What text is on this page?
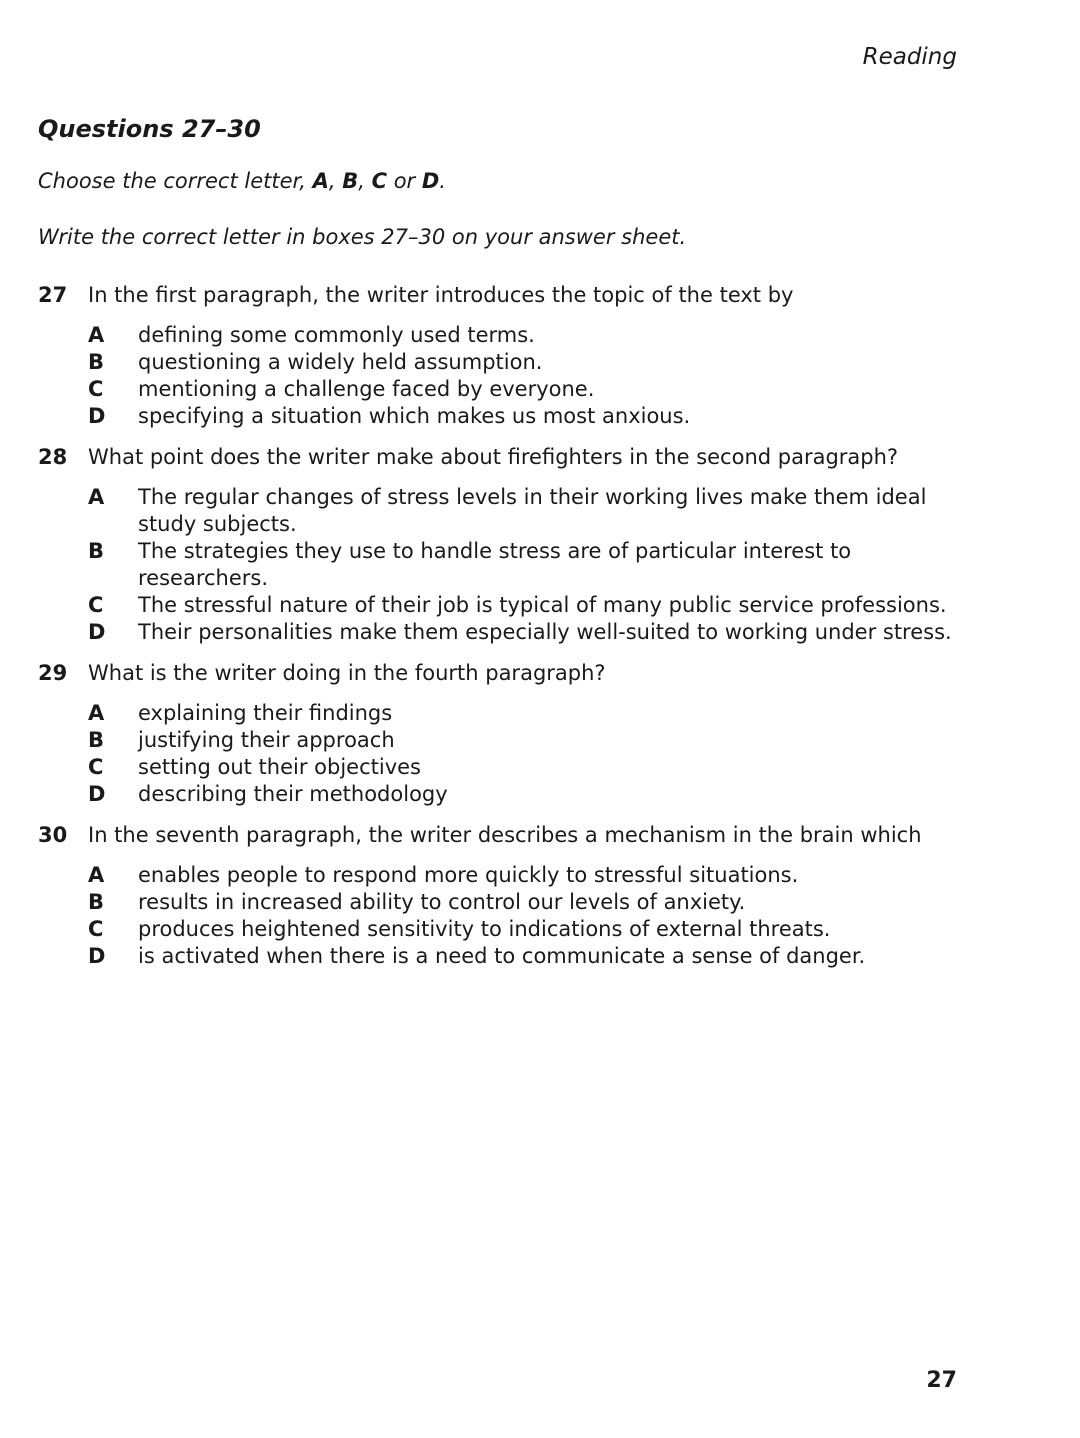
Reading
Questions 27–30

Choose the correct letter, A, B, C or D.

Write the correct letter in boxes 27–30 on your answer sheet.

27 In the first paragraph, the writer introduces the topic of the text by
A	defining some commonly used terms.
B	questioning a widely held assumption.
C	mentioning a challenge faced by everyone.
D	specifying a situation which makes us most anxious.
28 What point does the writer make about firefighters in the second paragraph?
A	The regular changes of stress levels in their working lives make them ideal study subjects.
B	The strategies they use to handle stress are of particular interest to researchers.
C	The stressful nature of their job is typical of many public service professions.
D	Their personalities make them especially well-suited to working under stress.
29 What is the writer doing in the fourth paragraph?
A	explaining their findings
B	justifying their approach
C	setting out their objectives
D	describing their methodology
30 In the seventh paragraph, the writer describes a mechanism in the brain which
A	enables people to respond more quickly to stressful situations.
B	results in increased ability to control our levels of anxiety.
C	produces heightened sensitivity to indications of external threats.
D	is activated when there is a need to communicate a sense of danger.
27
